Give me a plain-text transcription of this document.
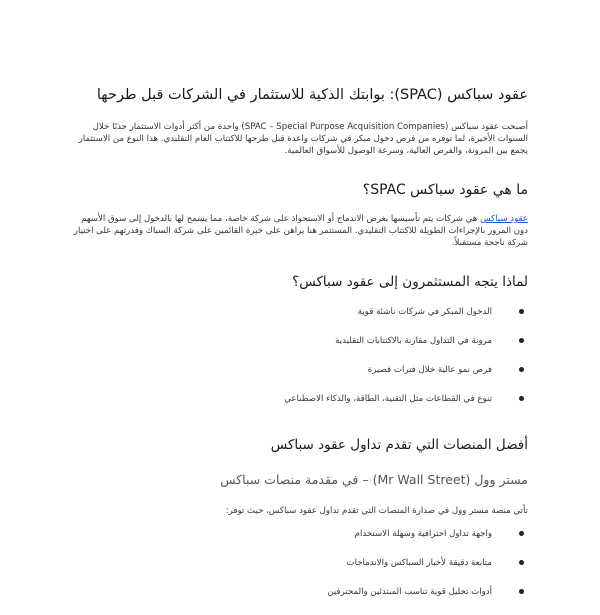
عقود سباكس (SPAC): بوابتك الذكية للاستثمار في الشركات قبل طرحها

أصبحت عقود سباكس (SPAC – Special Purpose Acquisition Companies) واحدة من أكثر أدوات الاستثمار جذبًا خلال السنوات الأخيرة، لما توفره من فرص دخول مبكر في شركات واعدة قبل طرحها للاكتتاب العام التقليدي. هذا النوع من الاستثمار يجمع بين المرونة، والفرص العالية، وسرعة الوصول للأسواق العالمية.

ما هي عقود سباكس SPAC؟

عقود سباكس هي شركات يتم تأسيسها بغرض الاندماج أو الاستحواذ على شركة خاصة، مما يسمح لها بالدخول إلى سوق الأسهم دون المرور بالإجراءات الطويلة للاكتتاب التقليدي. المستثمر هنا يراهن على خبرة القائمين على شركة السباك وقدرتهم على اختيار شركة ناجحة مستقبلاً.

لماذا يتجه المستثمرون إلى عقود سباكس؟
الدخول المبكر في شركات ناشئة قوية
مرونة في التداول مقارنة بالاكتتابات التقليدية
فرص نمو عالية خلال فترات قصيرة
تنوع في القطاعات مثل التقنية، الطاقة، والذكاء الاصطناعي
أفضل المنصات التي تقدم تداول عقود سباكس
مستر وول (Mr Wall Street) – في مقدمة منصات سباكس

تأتي منصة مستر وول في صدارة المنصات التي تقدم تداول عقود سباكس، حيث توفر:

واجهة تداول احترافية وسهلة الاستخدام
متابعة دقيقة لأخبار السباكس والاندماجات
أدوات تحليل قوية تناسب المبتدئين والمحترفين
